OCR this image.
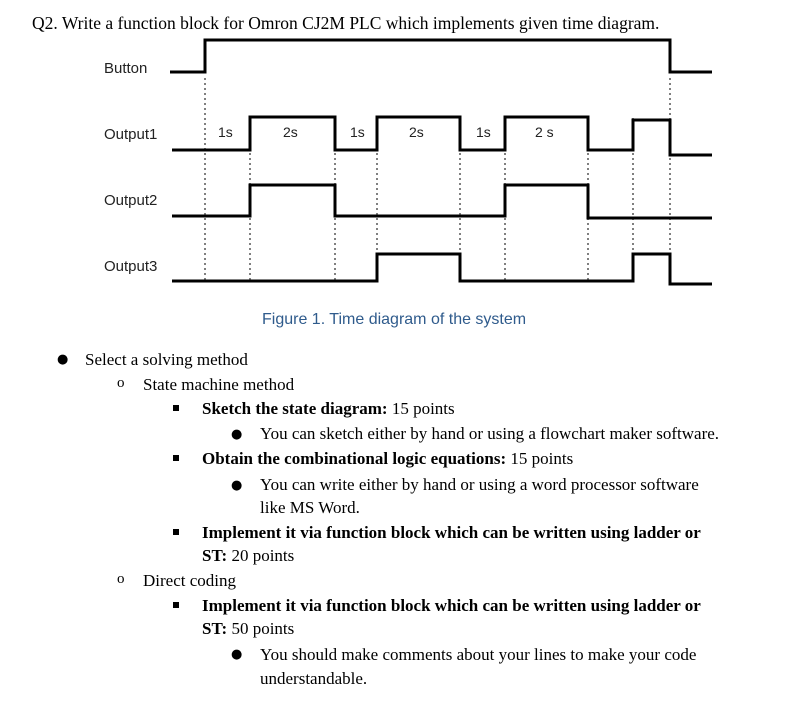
Q2. Write a function block for Omron CJ2M PLC which implements given time diagram.
Button
Output1
Output2
Output3
1s	2s	1s	2s	1s	2 s
Figure 1. Time diagram of the system
● Select a solving method
o State machine method
Sketch the state diagram: 15 points
● You can sketch either by hand or using a flowchart maker software.
Obtain the combinational logic equations: 15 points
● You can write either by hand or using a word processor software
like MS Word.
Implement it via function block which can be written using ladder or
ST: 20 points
o Direct coding
Implement it via function block which can be written using ladder or
ST: 50 points
● You should make comments about your lines to make your code
understandable.
